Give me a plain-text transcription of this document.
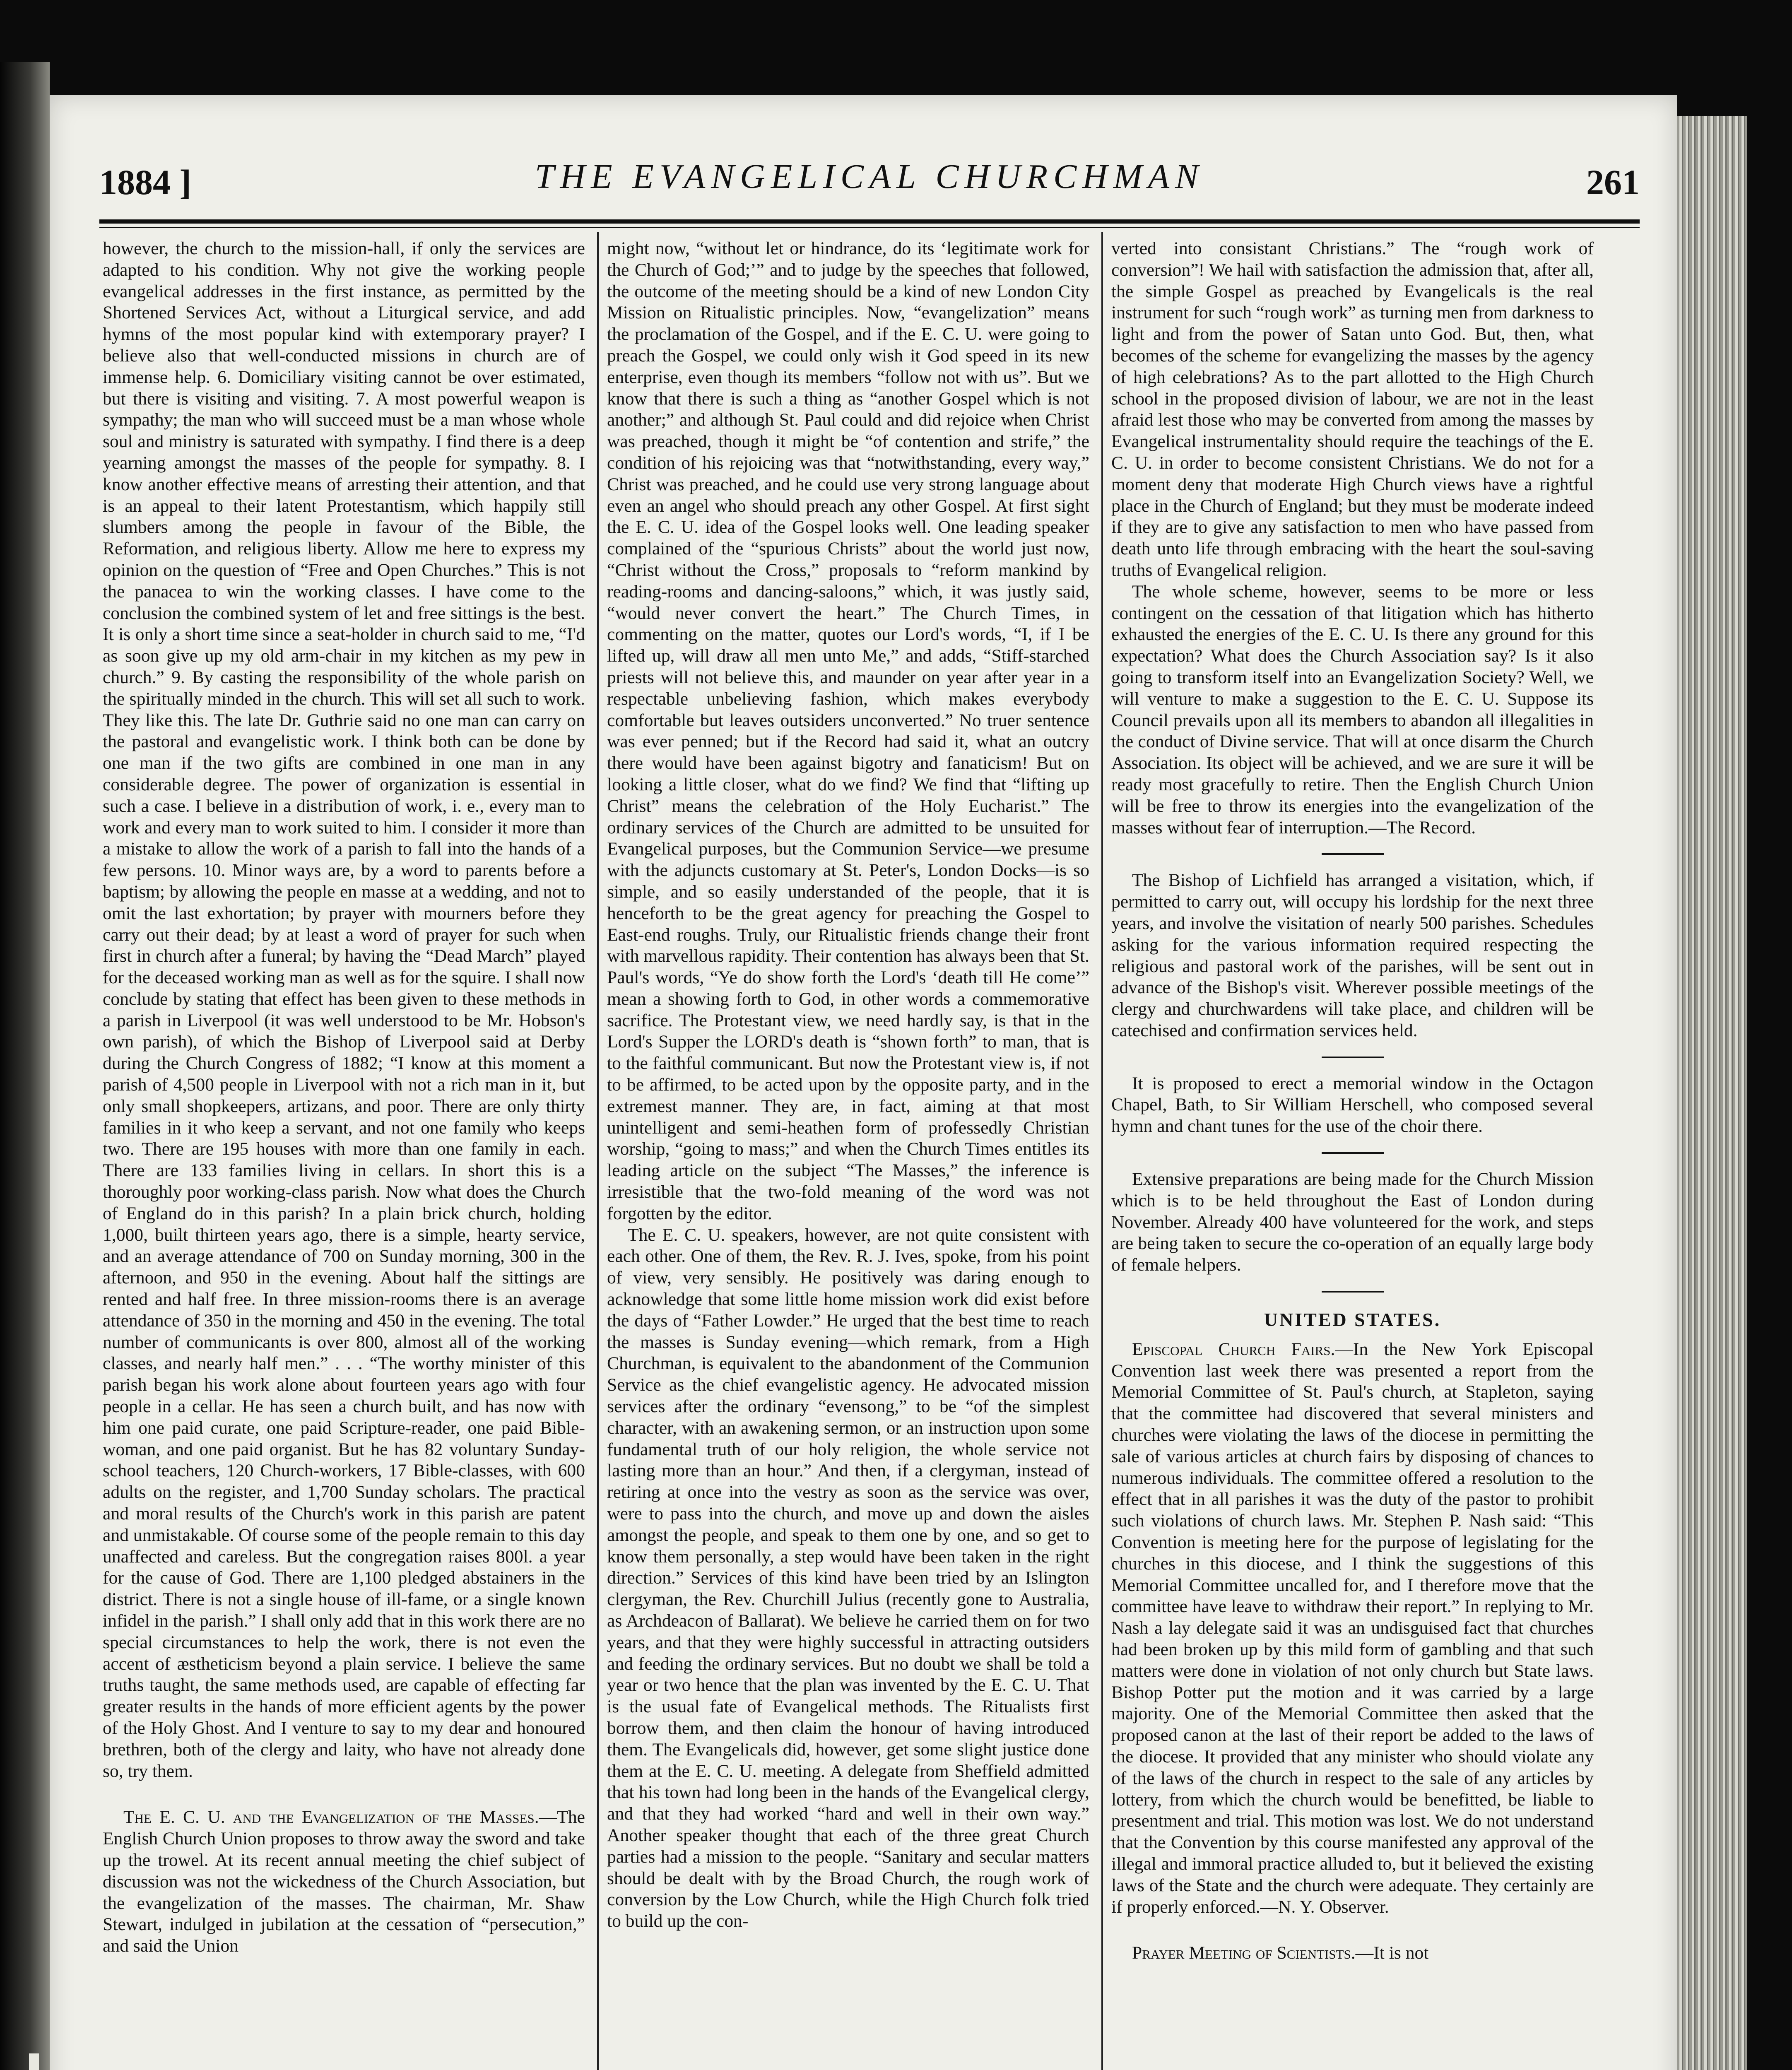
1884 ]	THE EVANGELICAL CHURCHMAN	261

however, the church to the mission-hall, if only the services are adapted to his condition. Why not give the working people evangelical addresses in the first instance, as permitted by the Shortened Services Act, without a Liturgical service, and add hymns of the most popular kind with extemporary prayer? I believe also that well-conducted missions in church are of immense help. 6. Domiciliary visiting cannot be over estimated, but there is visiting and visiting. 7. A most powerful weapon is sympathy; the man who will succeed must be a man whose whole soul and ministry is saturated with sympathy. I find there is a deep yearning amongst the masses of the people for sympathy. 8. I know another effective means of arresting their attention, and that is an appeal to their latent Protestantism, which happily still slumbers among the people in favour of the Bible, the Reformation, and religious liberty. Allow me here to express my opinion on the question of “Free and Open Churches.” This is not the panacea to win the working classes. I have come to the conclusion the combined system of let and free sittings is the best. It is only a short time since a seat-holder in church said to me, “I'd as soon give up my old arm-chair in my kitchen as my pew in church.” 9. By casting the responsibility of the whole parish on the spiritually minded in the church. This will set all such to work. They like this. The late Dr. Guthrie said no one man can carry on the pastoral and evangelistic work. I think both can be done by one man if the two gifts are combined in one man in any considerable degree. The power of organization is essential in such a case. I believe in a distribution of work, i. e., every man to work and every man to work suited to him. I consider it more than a mistake to allow the work of a parish to fall into the hands of a few persons. 10. Minor ways are, by a word to parents before a baptism; by allowing the people en masse at a wedding, and not to omit the last exhortation; by prayer with mourners before they carry out their dead; by at least a word of prayer for such when first in church after a funeral; by having the “Dead March” played for the deceased working man as well as for the squire. I shall now conclude by stating that effect has been given to these methods in a parish in Liverpool (it was well understood to be Mr. Hobson's own parish), of which the Bishop of Liverpool said at Derby during the Church Congress of 1882; “I know at this moment a parish of 4,500 people in Liverpool with not a rich man in it, but only small shopkeepers, artizans, and poor. There are only thirty families in it who keep a servant, and not one family who keeps two. There are 195 houses with more than one family in each. There are 133 families living in cellars. In short this is a thoroughly poor working-class parish. Now what does the Church of England do in this parish? In a plain brick church, holding 1,000, built thirteen years ago, there is a simple, hearty service, and an average attendance of 700 on Sunday morning, 300 in the afternoon, and 950 in the evening. About half the sittings are rented and half free. In three mission-rooms there is an average attendance of 350 in the morning and 450 in the evening. The total number of communicants is over 800, almost all of the working classes, and nearly half men.” . . . “The worthy minister of this parish began his work alone about fourteen years ago with four people in a cellar. He has seen a church built, and has now with him one paid curate, one paid Scripture-reader, one paid Bible-woman, and one paid organist. But he has 82 voluntary Sunday-school teachers, 120 Church-workers, 17 Bible-classes, with 600 adults on the register, and 1,700 Sunday scholars. The practical and moral results of the Church's work in this parish are patent and unmistakable. Of course some of the people remain to this day unaffected and careless. But the congregation raises 800l. a year for the cause of God. There are 1,100 pledged abstainers in the district. There is not a single house of ill-fame, or a single known infidel in the parish.” I shall only add that in this work there are no special circumstances to help the work, there is not even the accent of æstheticism beyond a plain service. I believe the same truths taught, the same methods used, are capable of effecting far greater results in the hands of more efficient agents by the power of the Holy Ghost. And I venture to say to my dear and honoured brethren, both of the clergy and laity, who have not already done so, try them.

The E. C. U. and the Evangelization of the Masses.—The English Church Union proposes to throw away the sword and take up the trowel. At its recent annual meeting the chief subject of discussion was not the wickedness of the Church Association, but the evangelization of the masses. The chairman, Mr. Shaw Stewart, indulged in jubilation at the cessation of “persecution,” and said the Union

might now, “without let or hindrance, do its ‘legitimate work for the Church of God;’” and to judge by the speeches that followed, the outcome of the meeting should be a kind of new London City Mission on Ritualistic principles. Now, “evangelization” means the proclamation of the Gospel, and if the E. C. U. were going to preach the Gospel, we could only wish it God speed in its new enterprise, even though its members “follow not with us”. But we know that there is such a thing as “another Gospel which is not another;” and although St. Paul could and did rejoice when Christ was preached, though it might be “of contention and strife,” the condition of his rejoicing was that “notwithstanding, every way,” Christ was preached, and he could use very strong language about even an angel who should preach any other Gospel. At first sight the E. C. U. idea of the Gospel looks well. One leading speaker complained of the “spurious Christs” about the world just now, “Christ without the Cross,” proposals to “reform mankind by reading-rooms and dancing-saloons,” which, it was justly said, “would never convert the heart.” The Church Times, in commenting on the matter, quotes our Lord's words, “I, if I be lifted up, will draw all men unto Me,” and adds, “Stiff-starched priests will not believe this, and maunder on year after year in a respectable unbelieving fashion, which makes everybody comfortable but leaves outsiders unconverted.” No truer sentence was ever penned; but if the Record had said it, what an outcry there would have been against bigotry and fanaticism! But on looking a little closer, what do we find? We find that “lifting up Christ” means the celebration of the Holy Eucharist.” The ordinary services of the Church are admitted to be unsuited for Evangelical purposes, but the Communion Service—we presume with the adjuncts customary at St. Peter's, London Docks—is so simple, and so easily understanded of the people, that it is henceforth to be the great agency for preaching the Gospel to East-end roughs. Truly, our Ritualistic friends change their front with marvellous rapidity. Their contention has always been that St. Paul's words, “Ye do show forth the Lord's ‘death till He come’” mean a showing forth to God, in other words a commemorative sacrifice. The Protestant view, we need hardly say, is that in the Lord's Supper the LORD's death is “shown forth” to man, that is to the faithful communicant. But now the Protestant view is, if not to be affirmed, to be acted upon by the opposite party, and in the extremest manner. They are, in fact, aiming at that most unintelligent and semi-heathen form of professedly Christian worship, “going to mass;” and when the Church Times entitles its leading article on the subject “The Masses,” the inference is irresistible that the two-fold meaning of the word was not forgotten by the editor.

The E. C. U. speakers, however, are not quite consistent with each other. One of them, the Rev. R. J. Ives, spoke, from his point of view, very sensibly. He positively was daring enough to acknowledge that some little home mission work did exist before the days of “Father Lowder.” He urged that the best time to reach the masses is Sunday evening—which remark, from a High Churchman, is equivalent to the abandonment of the Communion Service as the chief evangelistic agency. He advocated mission services after the ordinary “evensong,” to be “of the simplest character, with an awakening sermon, or an instruction upon some fundamental truth of our holy religion, the whole service not lasting more than an hour.” And then, if a clergyman, instead of retiring at once into the vestry as soon as the service was over, were to pass into the church, and move up and down the aisles amongst the people, and speak to them one by one, and so get to know them personally, a step would have been taken in the right direction.” Services of this kind have been tried by an Islington clergyman, the Rev. Churchill Julius (recently gone to Australia, as Archdeacon of Ballarat). We believe he carried them on for two years, and that they were highly successful in attracting outsiders and feeding the ordinary services. But no doubt we shall be told a year or two hence that the plan was invented by the E. C. U. That is the usual fate of Evangelical methods. The Ritualists first borrow them, and then claim the honour of having introduced them. The Evangelicals did, however, get some slight justice done them at the E. C. U. meeting. A delegate from Sheffield admitted that his town had long been in the hands of the Evangelical clergy, and that they had worked “hard and well in their own way.” Another speaker thought that each of the three great Church parties had a mission to the people. “Sanitary and secular matters should be dealt with by the Broad Church, the rough work of conversion by the Low Church, while the High Church folk tried to build up the con-

verted into consistant Christians.” The “rough work of conversion”! We hail with satisfaction the admission that, after all, the simple Gospel as preached by Evangelicals is the real instrument for such “rough work” as turning men from darkness to light and from the power of Satan unto God. But, then, what becomes of the scheme for evangelizing the masses by the agency of high celebrations? As to the part allotted to the High Church school in the proposed division of labour, we are not in the least afraid lest those who may be converted from among the masses by Evangelical instrumentality should require the teachings of the E. C. U. in order to become consistent Christians. We do not for a moment deny that moderate High Church views have a rightful place in the Church of England; but they must be moderate indeed if they are to give any satisfaction to men who have passed from death unto life through embracing with the heart the soul-saving truths of Evangelical religion.

The whole scheme, however, seems to be more or less contingent on the cessation of that litigation which has hitherto exhausted the energies of the E. C. U. Is there any ground for this expectation? What does the Church Association say? Is it also going to transform itself into an Evangelization Society? Well, we will venture to make a suggestion to the E. C. U. Suppose its Council prevails upon all its members to abandon all illegalities in the conduct of Divine service. That will at once disarm the Church Association. Its object will be achieved, and we are sure it will be ready most gracefully to retire. Then the English Church Union will be free to throw its energies into the evangelization of the masses without fear of interruption.—The Record.

The Bishop of Lichfield has arranged a visitation, which, if permitted to carry out, will occupy his lordship for the next three years, and involve the visitation of nearly 500 parishes. Schedules asking for the various information required respecting the religious and pastoral work of the parishes, will be sent out in advance of the Bishop's visit. Wherever possible meetings of the clergy and churchwardens will take place, and children will be catechised and confirmation services held.

It is proposed to erect a memorial window in the Octagon Chapel, Bath, to Sir William Herschell, who composed several hymn and chant tunes for the use of the choir there.

Extensive preparations are being made for the Church Mission which is to be held throughout the East of London during November. Already 400 have volunteered for the work, and steps are being taken to secure the co-operation of an equally large body of female helpers.

UNITED STATES.

Episcopal Church Fairs.—In the New York Episcopal Convention last week there was presented a report from the Memorial Committee of St. Paul's church, at Stapleton, saying that the committee had discovered that several ministers and churches were violating the laws of the diocese in permitting the sale of various articles at church fairs by disposing of chances to numerous individuals. The committee offered a resolution to the effect that in all parishes it was the duty of the pastor to prohibit such violations of church laws. Mr. Stephen P. Nash said: “This Convention is meeting here for the purpose of legislating for the churches in this diocese, and I think the suggestions of this Memorial Committee uncalled for, and I therefore move that the committee have leave to withdraw their report.” In replying to Mr. Nash a lay delegate said it was an undisguised fact that churches had been broken up by this mild form of gambling and that such matters were done in violation of not only church but State laws. Bishop Potter put the motion and it was carried by a large majority. One of the Memorial Committee then asked that the proposed canon at the last of their report be added to the laws of the diocese. It provided that any minister who should violate any of the laws of the church in respect to the sale of any articles by lottery, from which the church would be benefitted, be liable to presentment and trial. This motion was lost. We do not understand that the Convention by this course manifested any approval of the illegal and immoral practice alluded to, but it believed the existing laws of the State and the church were adequate. They certainly are if properly enforced.—N. Y. Observer.

Prayer Meeting of Scientists.—It is not
